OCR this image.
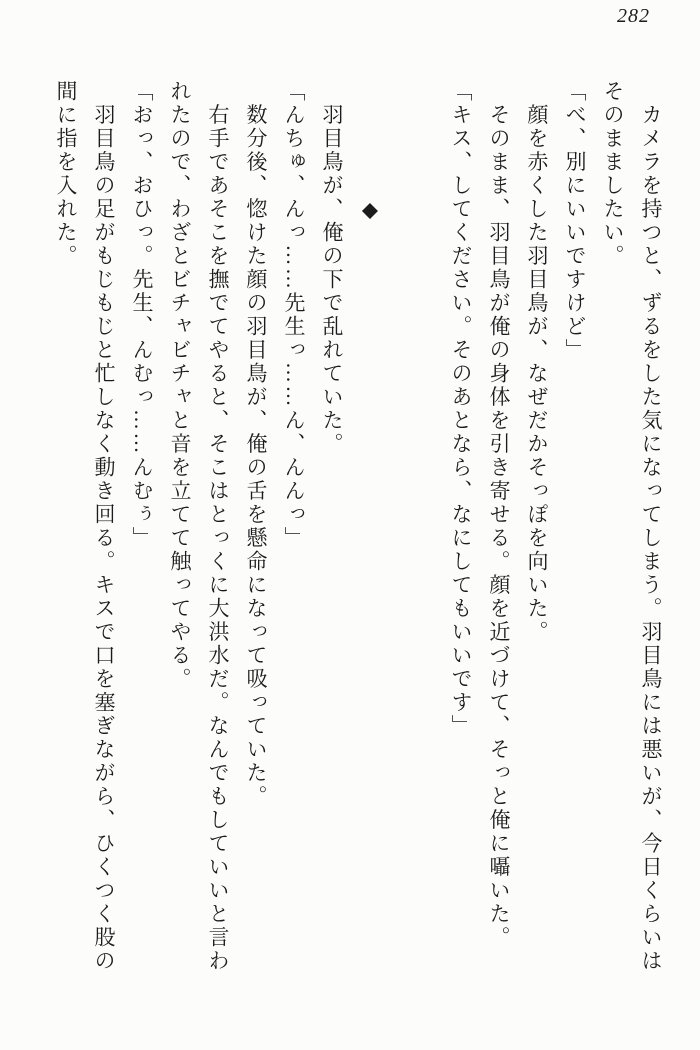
282

　カメラを持つと、ずるをした気になってしまう。羽目鳥には悪いが、今日くらいは

そのまましたい。

「べ、別にいいですけど」

　顔を赤くした羽目鳥が、なぜだかそっぽを向いた。

　そのまま、羽目鳥が俺の身体を引き寄せる。顔を近づけて、そっと俺に囁いた。

「キス、してください。そのあとなら、なにしてもいいです」

　　　　　◆

　羽目鳥が、俺の下で乱れていた。

「んちゅ、んっ……先生っ……ん、んんっ」

　数分後、惚けた顔の羽目鳥が、俺の舌を懸命になって吸っていた。

　右手であそこを撫でてやると、そこはとっくに大洪水だ。なんでもしていいと言わ

れたので、わざとビチャビチャと音を立てて触ってやる。

「おっ、おひっ。先生、んむっ……んむぅ」

　羽目鳥の足がもじもじと忙しなく動き回る。キスで口を塞ぎながら、ひくつく股の

間に指を入れた。
